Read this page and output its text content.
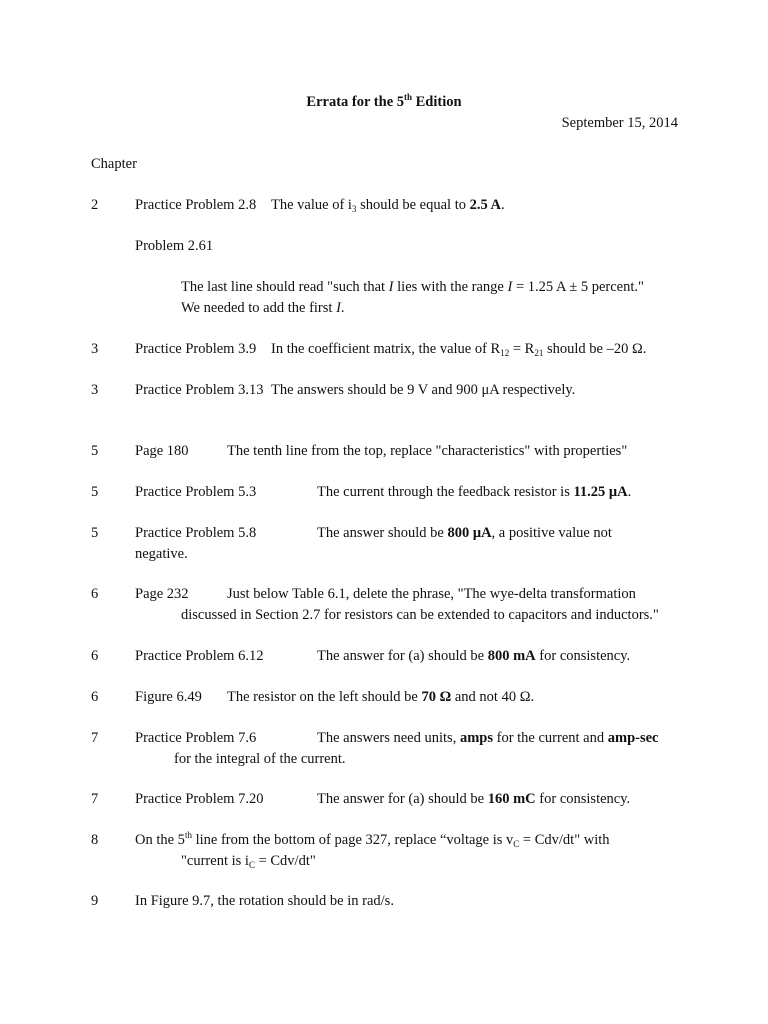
Errata for the 5th Edition
September 15, 2014
Chapter
2	Practice Problem 2.8 The value of $i_3$ should be equal to 2.5 A.
Problem 2.61
The last line should read "such that I lies with the range I = 1.25 A ± 5 percent."
We needed to add the first I.
3	Practice Problem 3.9 In the coefficient matrix, the value of $R_{12} = R_{21}$ should be –20 Ω.
3	Practice Problem 3.13 The answers should be 9 V and 900 μA respectively.
5	Page 180	The tenth line from the top, replace "characteristics" with properties"
5	Practice Problem 5.3	The current through the feedback resistor is 11.25 μA.
5	Practice Problem 5.8	The answer should be 800 μA, a positive value not
negative.
6	Page 232	Just below Table 6.1, delete the phrase, "The wye-delta transformation
discussed in Section 2.7 for resistors can be extended to capacitors and inductors."
6	Practice Problem 6.12	The answer for (a) should be 800 mA for consistency.
6	Figure 6.49 The resistor on the left should be 70 Ω and not 40 Ω.
7	Practice Problem 7.6	The answers need units, amps for the current and amp-sec
for the integral of the current.
7	Practice Problem 7.20	The answer for (a) should be 160 mC for consistency.
8	On the 5th line from the bottom of page 327, replace “voltage is $v_C = Cdv/dt$" with
"current is $i_C = Cdv/dt$"
9	In Figure 9.7, the rotation should be in rad/s.
